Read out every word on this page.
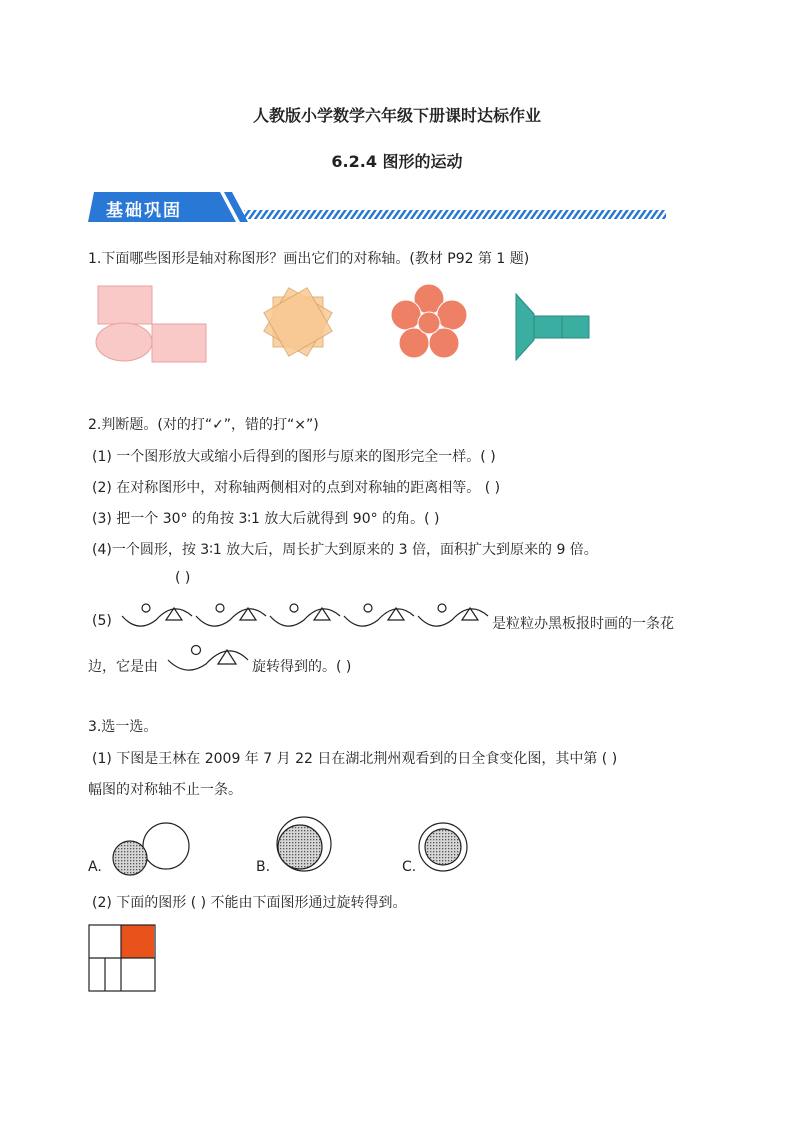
人教版小学数学六年级下册课时达标作业
6.2.4 图形的运动
基础巩固
1.下面哪些图形是轴对称图形？画出它们的对称轴。(教材 P92 第 1 题)
2.判断题。(对的打“✓”，错的打“×”)
(1) 一个图形放大或缩小后得到的图形与原来的图形完全一样。( )
(2) 在对称图形中，对称轴两侧相对的点到对称轴的距离相等。 ( )
(3) 把一个 30° 的角按 3∶1 放大后就得到 90° 的角。( )
(4)一个圆形，按 3∶1 放大后，周长扩大到原来的 3 倍，面积扩大到原来的 9 倍。
( )
(5)	是粒粒办黑板报时画的一条花
边，它是由	旋转得到的。( )
3.选一选。
(1) 下图是王林在 2009 年 7 月 22 日在湖北荆州观看到的日全食变化图，其中第 ( )
幅图的对称轴不止一条。
A.	B.	C.
(2) 下面的图形 ( ) 不能由下面图形通过旋转得到。
